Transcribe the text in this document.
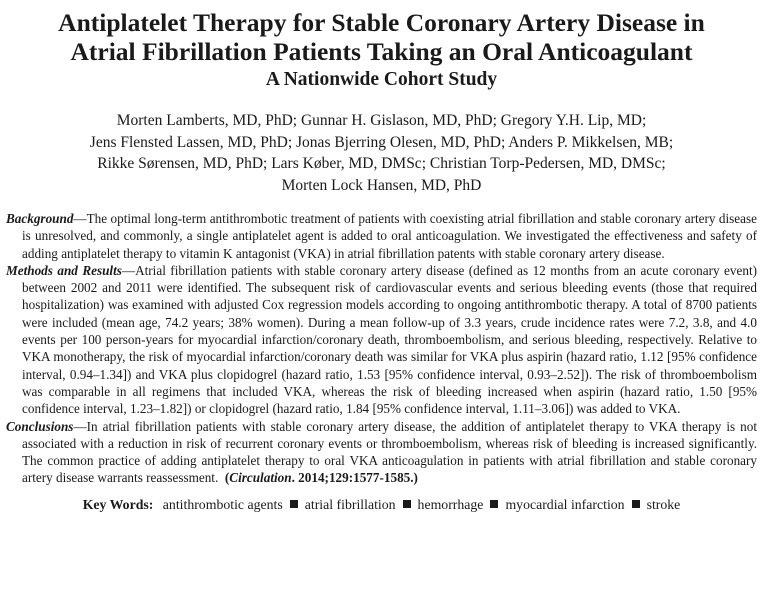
Antiplatelet Therapy for Stable Coronary Artery Disease in
Atrial Fibrillation Patients Taking an Oral Anticoagulant
A Nationwide Cohort Study
Morten Lamberts, MD, PhD; Gunnar H. Gislason, MD, PhD; Gregory Y.H. Lip, MD;
Jens Flensted Lassen, MD, PhD; Jonas Bjerring Olesen, MD, PhD; Anders P. Mikkelsen, MB;
Rikke Sørensen, MD, PhD; Lars Køber, MD, DMSc; Christian Torp-Pedersen, MD, DMSc;
Morten Lock Hansen, MD, PhD

Background—The optimal long-term antithrombotic treatment of patients with coexisting atrial fibrillation and stable coronary artery disease is unresolved, and commonly, a single antiplatelet agent is added to oral anticoagulation. We investigated the effectiveness and safety of adding antiplatelet therapy to vitamin K antagonist (VKA) in atrial fibrillation patents with stable coronary artery disease.

Methods and Results—Atrial fibrillation patients with stable coronary artery disease (defined as 12 months from an acute coronary event) between 2002 and 2011 were identified. The subsequent risk of cardiovascular events and serious bleeding events (those that required hospitalization) was examined with adjusted Cox regression models according to ongoing antithrombotic therapy. A total of 8700 patients were included (mean age, 74.2 years; 38% women). During a mean follow-up of 3.3 years, crude incidence rates were 7.2, 3.8, and 4.0 events per 100 person-years for myocardial infarction/coronary death, thromboembolism, and serious bleeding, respectively. Relative to VKA monotherapy, the risk of myocardial infarction/coronary death was similar for VKA plus aspirin (hazard ratio, 1.12 [95% confidence interval, 0.94–1.34]) and VKA plus clopidogrel (hazard ratio, 1.53 [95% confidence interval, 0.93–2.52]). The risk of thromboembolism was comparable in all regimens that included VKA, whereas the risk of bleeding increased when aspirin (hazard ratio, 1.50 [95% confidence interval, 1.23–1.82]) or clopidogrel (hazard ratio, 1.84 [95% confidence interval, 1.11–3.06]) was added to VKA.

Conclusions—In atrial fibrillation patients with stable coronary artery disease, the addition of antiplatelet therapy to VKA therapy is not associated with a reduction in risk of recurrent coronary events or thromboembolism, whereas risk of bleeding is increased significantly. The common practice of adding antiplatelet therapy to oral VKA anticoagulation in patients with atrial fibrillation and stable coronary artery disease warrants reassessment. (Circulation. 2014;129:1577-1585.)

Key Words: antithrombotic agents atrial fibrillation hemorrhage myocardial infarction stroke
